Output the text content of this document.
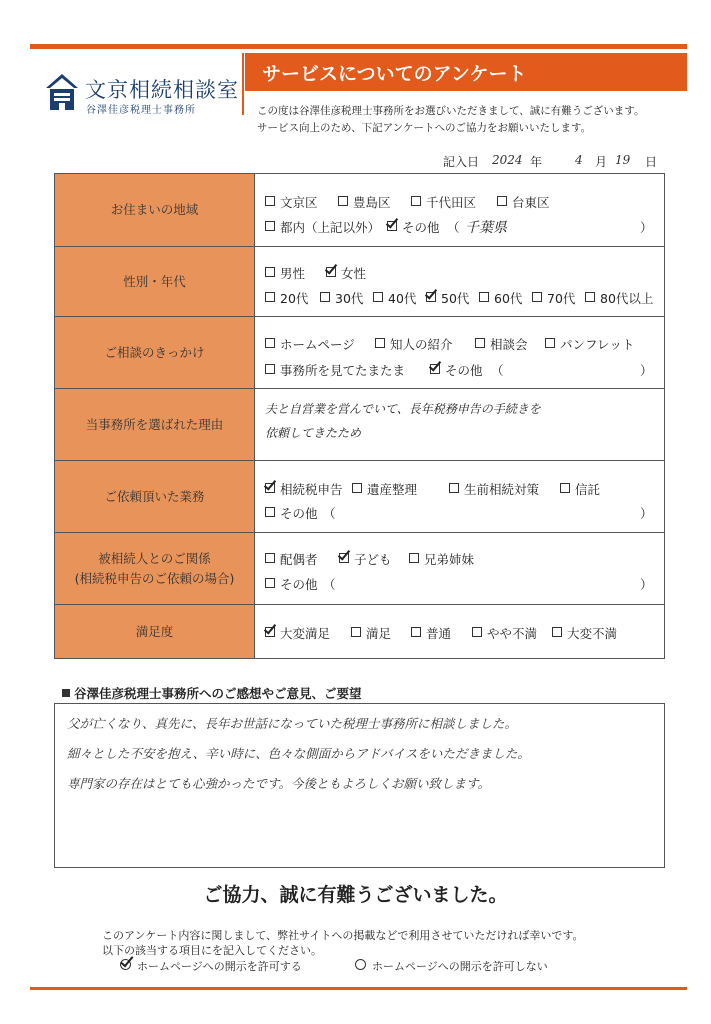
文京相続相談室
谷澤佳彦税理士事務所
サービスについてのアンケート
この度は谷澤佳彦税理士事務所をお選びいただきまして、誠に有難うございます。
サービス向上のため、下記アンケートへのご協力をお願いいたします。
記入日 2024 年	4 月 19 日
お住まいの地域	文京区	豊島区	千代田区	台東区
都内（上記以外）	その他 （ 千葉県	）
性別・年代	男性	女性
20代	30代	40代	50代	60代	70代	80代以上
ご相談のきっかけ	ホームページ	知人の紹介	相談会	パンフレット
事務所を見てたまたま	その他 （	）
当事務所を選ばれた理由
夫と自営業を営んでいて、長年税務申告の手続きを
依頼してきたため
ご依頼頂いた業務	相続税申告	遺産整理	生前相続対策	信託
その他 （	）
被相続人とのご関係
(相続税申告のご依頼の場合)
配偶者	子ども	兄弟姉妹
その他 （	）
満足度	大変満足	満足	普通	やや不満	大変不満
谷澤佳彦税理士事務所へのご感想やご意見、ご要望
父が亡くなり、真先に、長年お世話になっていた税理士事務所に相談しました。
細々とした不安を抱え、辛い時に、色々な側面からアドバイスをいただきました。
専門家の存在はとても心強かったです。今後ともよろしくお願い致します。
ご協力、誠に有難うございました。
このアンケート内容に関しまして、弊社サイトへの掲載などで利用させていただければ幸いです。
以下の該当する項目にを記入してください。
ホームページへの開示を許可する	ホームページへの開示を許可しない
